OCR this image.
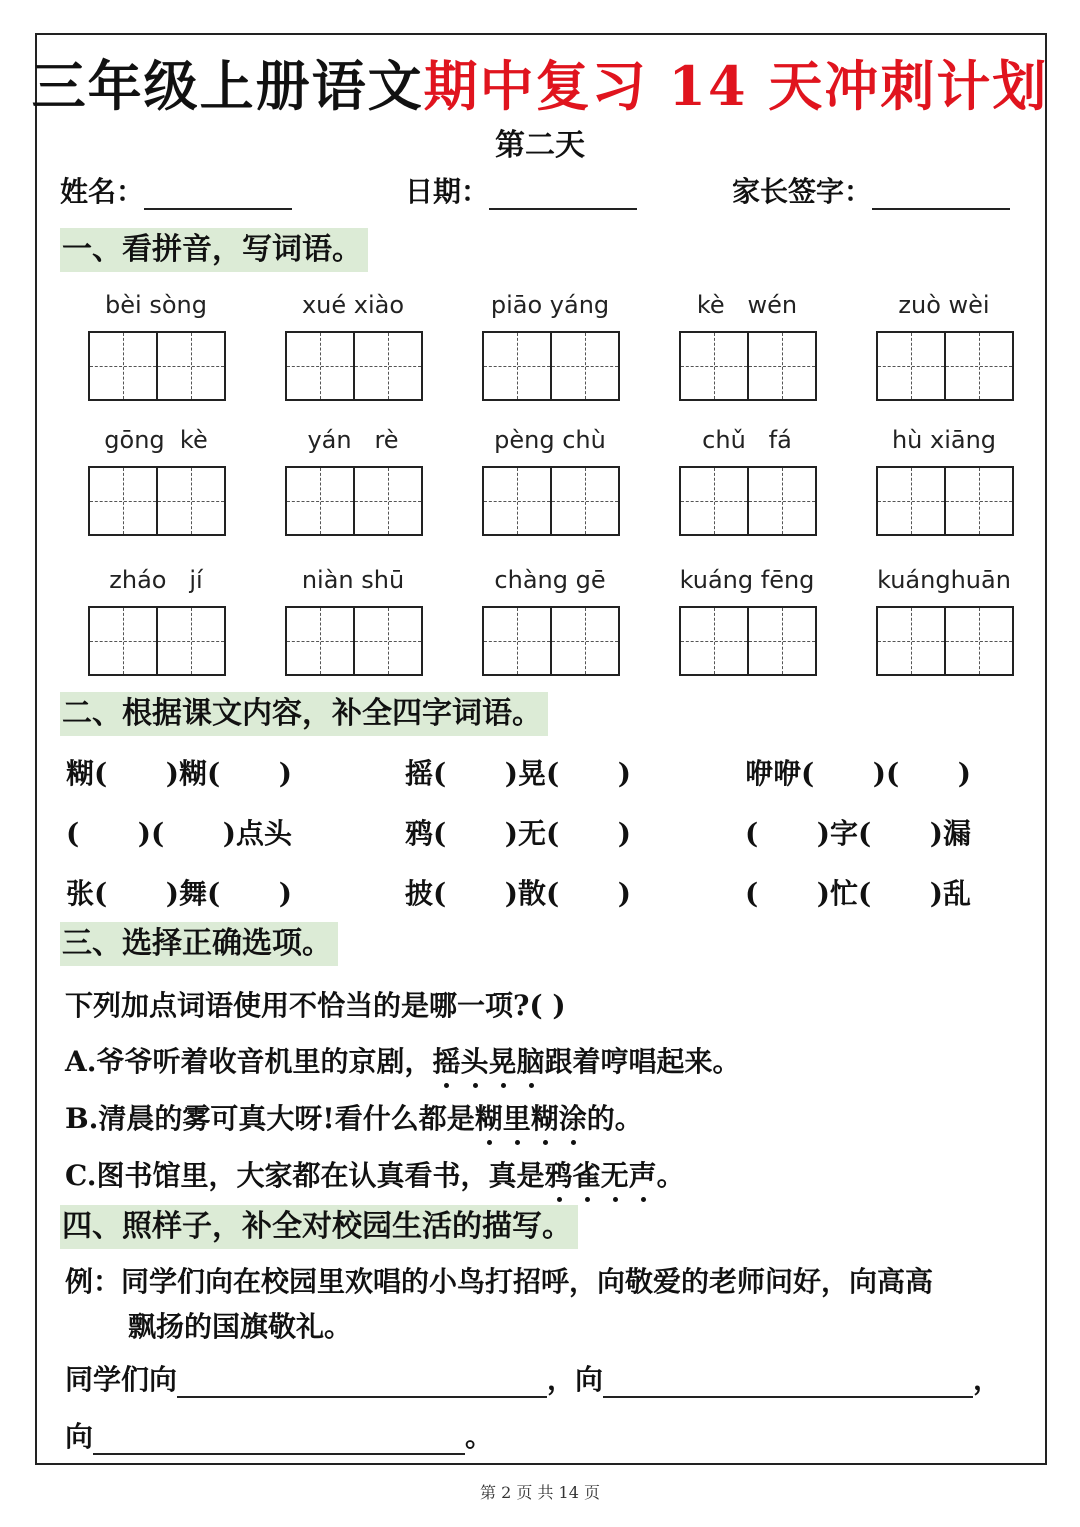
三年级上册语文期中复习 14 天冲刺计划
第二天
姓名：	日期：	家长签字：
一、看拼音，写词语。
bèi sòng	xué xiào	piāo yáng	kè   wén	zuò wèi
gōng  kè	yán   rè	pèng chù	chǔ   fá	hù xiāng
zháo   jí	niàn shū	chàng gē	kuáng fēng	kuánghuān
二、根据课文内容，补全四字词语。
糊(      )糊(      )	摇(      )晃(      )	咿咿(      )(      )
(      )(      )点头	鸦(      )无(      )	(      )字(      )漏
张(      )舞(      )	披(      )散(      )	(      )忙(      )乱
三、选择正确选项。
下列加点词语使用不恰当的是哪一项?( )
A.爷爷听着收音机里的京剧，摇头晃脑跟着哼唱起来。
B.清晨的雾可真大呀!看什么都是糊里糊涂的。
C.图书馆里，大家都在认真看书，真是鸦雀无声。
四、照样子，补全对校园生活的描写。
例：同学们向在校园里欢唱的小鸟打招呼，向敬爱的老师问好，向高高
飘扬的国旗敬礼。
同学们向	，向	，
向	。
第 2 页 共 14 页
